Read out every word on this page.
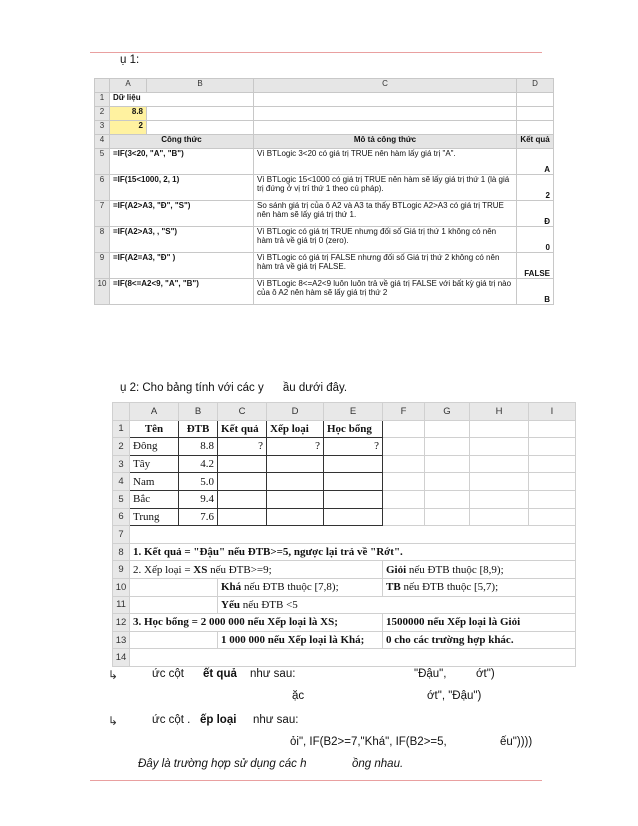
ụ 1:
	A	B	C	D
1	Dữ liệu			
2	8.8			
3	2			
4	Công thức		Mô tả công thức	Kết quả
5	=IF(3<20, "A", "B")		Vì BTLogic 3<20 có giá trị TRUE nên hàm lấy giá trị "A".	A
6	=IF(15<1000, 2, 1)		Vì BTLogic 15<1000 có giá trị TRUE nên hàm sẽ lấy giá trị thứ 1 (là giá trị đứng ở vị trí thứ 1 theo cú pháp).	2
7	=IF(A2>A3, "Đ", "S")		So sánh giá trị của ô A2 và A3 ta thấy BTLogic A2>A3 có giá trị TRUE nên hàm sẽ lấy giá trị thứ 1.	Đ
8	=IF(A2>A3, , "S")		Vì BTLogic có giá trị TRUE nhưng đối số Giá trị thứ 1 không có nên hàm trả về giá trị 0 (zero).	0
9	=IF(A2=A3, "Đ" )		Vì BTLogic có giá trị FALSE nhưng đối số Giá trị thứ 2 không có nên hàm trả về giá trị FALSE.	FALSE
10	=IF(8<=A2<9, "A", "B")		Vì BTLogic 8<=A2<9 luôn luôn trả về giá trị FALSE với bất kỳ giá trị nào của ô A2 nên hàm sẽ lấy giá trị thứ 2	B
ụ 2: Cho bảng tính với các y      ầu dưới đây.
	A	B	C	D	E	F	G	H	I
1	Tên	ĐTB	Kết quả	Xếp loại	Học bổng				
2	Đông	8.8	?	?	?				
3	Tây	4.2							
4	Nam	5.0							
5	Bắc	9.4							
6	Trung	7.6							
7									
8	1. Kết quả = "Đậu" nếu ĐTB>=5, ngược lại trả về "Rớt".								
9	2. Xếp loại = XS nếu ĐTB>=9;					Giỏi nếu ĐTB thuộc [8,9);			
10			Khá nếu ĐTB thuộc [7,8);			TB nếu ĐTB thuộc [5,7);			
11			Yếu nếu ĐTB <5						
12	3. Học bổng = 2 000 000 nếu Xếp loại là XS;					1500000 nếu Xếp loại là Giỏi			
13			1 000 000 nếu Xếp loại là Khá;			0 cho các trường hợp khác.			
14									
↳	ức cột ết quả như sau:	"Đậu",	ớt")
ặc	ớt", "Đậu")
↳	ức cột . ếp loại như sau:
ỏi", IF(B2>=7,"Khá", IF(B2>=5,	ếu"))))
Đây là trường hợp sử dụng các h	ồng nhau.
